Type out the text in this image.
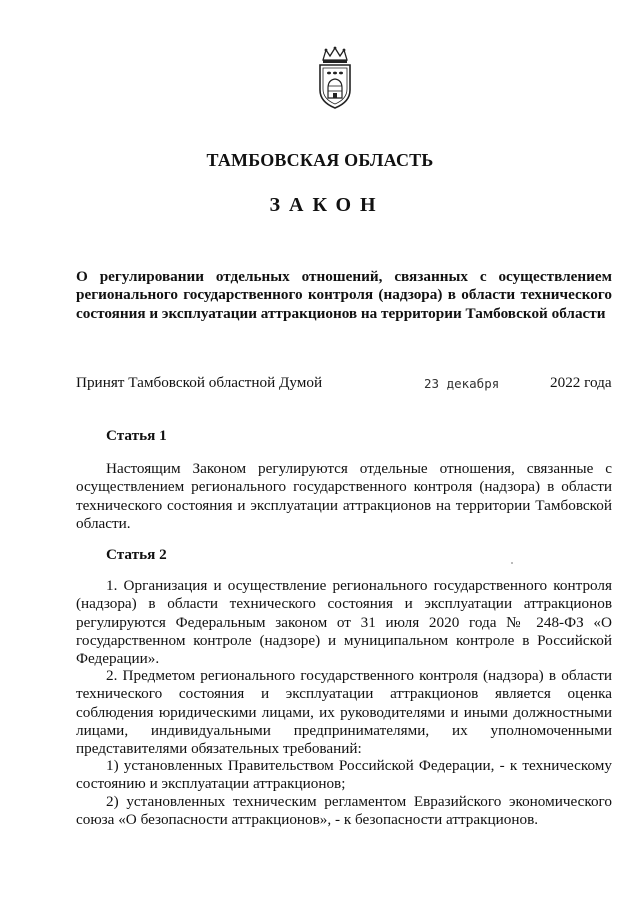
ТАМБОВСКАЯ ОБЛАСТЬ
ЗАКОН
О регулировании отдельных отношений, связанных с осуществлением регионального государственного контроля (надзора) в области технического состояния и эксплуатации аттракционов на территории Тамбовской области
Принят Тамбовской областной Думой	23 декабря	2022 года
Статья 1

Настоящим Законом регулируются отдельные отношения, связанные с осуществлением регионального государственного контроля (надзора) в области технического состояния и эксплуатации аттракционов на территории Тамбовской области.

Статья 2

1. Организация и осуществление регионального государственного контроля (надзора) в области технического состояния и эксплуатации аттракционов регулируются Федеральным законом от 31 июля 2020 года № 248-ФЗ «О государственном контроле (надзоре) и муниципальном контроле в Российской Федерации».

2. Предметом регионального государственного контроля (надзора) в области технического состояния и эксплуатации аттракционов является оценка соблюдения юридическими лицами, их руководителями и иными должностными лицами, индивидуальными предпринимателями, их уполномоченными представителями обязательных требований:

1) установленных Правительством Российской Федерации, - к техническому состоянию и эксплуатации аттракционов;

2) установленных техническим регламентом Евразийского экономического союза «О безопасности аттракционов», - к безопасности аттракционов.
